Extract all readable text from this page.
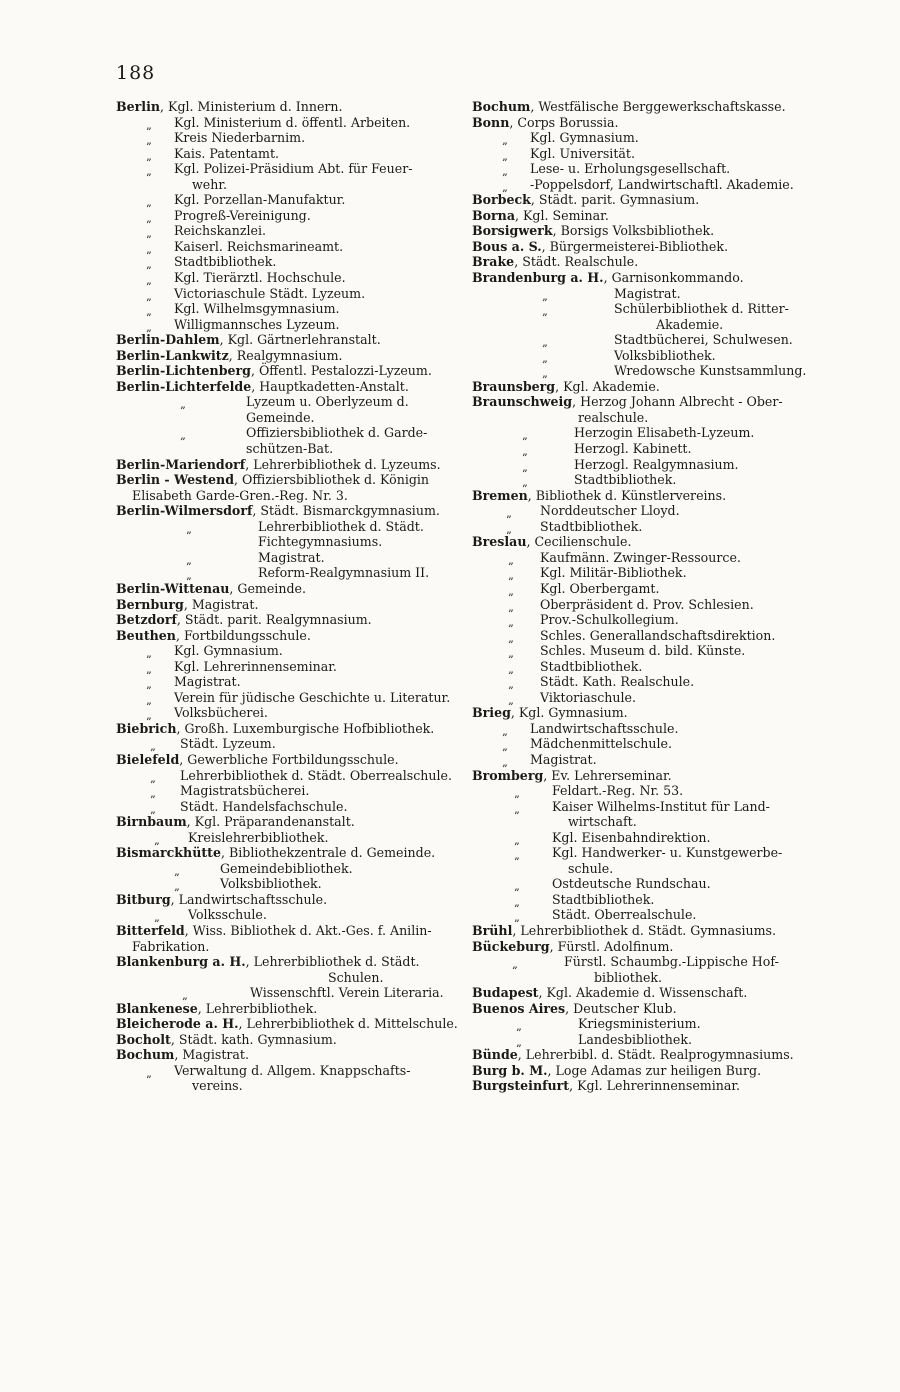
188
Berlin, Kgl. Ministerium d. Innern.
„	Kgl. Ministerium d. öffentl. Arbeiten.
„	Kreis Niederbarnim.
„	Kais. Patentamt.
„	Kgl. Polizei-Präsidium Abt. für Feuer-
wehr.
„	Kgl. Porzellan-Manufaktur.
„	Progreß-Vereinigung.
„	Reichskanzlei.
„	Kaiserl. Reichsmarineamt.
„	Stadtbibliothek.
„	Kgl. Tierärztl. Hochschule.
„	Victoriaschule Städt. Lyzeum.
„	Kgl. Wilhelmsgymnasium.
„	Willigmannsches Lyzeum.
Berlin-Dahlem, Kgl. Gärtnerlehranstalt.
Berlin-Lankwitz, Realgymnasium.
Berlin-Lichtenberg, Öffentl. Pestalozzi-Lyzeum.
Berlin-Lichterfelde, Hauptkadetten-Anstalt.
„	Lyzeum u. Oberlyzeum d.
Gemeinde.
„	Offiziersbibliothek d. Garde-
schützen-Bat.
Berlin-Mariendorf, Lehrerbibliothek d. Lyzeums.
Berlin - Westend, Offiziersbibliothek d. Königin
Elisabeth Garde-Gren.-Reg. Nr. 3.
Berlin-Wilmersdorf, Städt. Bismarckgymnasium.
„	Lehrerbibliothek d. Städt.
Fichtegymnasiums.
„	Magistrat.
„	Reform-Realgymnasium II.
Berlin-Wittenau, Gemeinde.
Bernburg, Magistrat.
Betzdorf, Städt. parit. Realgymnasium.
Beuthen, Fortbildungsschule.
„	Kgl. Gymnasium.
„	Kgl. Lehrerinnenseminar.
„	Magistrat.
„	Verein für jüdische Geschichte u. Literatur.
„	Volksbücherei.
Biebrich, Großh. Luxemburgische Hofbibliothek.
„	Städt. Lyzeum.
Bielefeld, Gewerbliche Fortbildungsschule.
„	Lehrerbibliothek d. Städt. Oberrealschule.
„	Magistratsbücherei.
„	Städt. Handelsfachschule.
Birnbaum, Kgl. Präparandenanstalt.
„	Kreislehrerbibliothek.
Bismarckhütte, Bibliothekzentrale d. Gemeinde.
„	Gemeindebibliothek.
„	Volksbibliothek.
Bitburg, Landwirtschaftsschule.
„	Volksschule.
Bitterfeld, Wiss. Bibliothek d. Akt.-Ges. f. Anilin-
Fabrikation.
Blankenburg a. H., Lehrerbibliothek d. Städt.
Schulen.
„	Wissenschftl. Verein Literaria.
Blankenese, Lehrerbibliothek.
Bleicherode a. H., Lehrerbibliothek d. Mittelschule.
Bocholt, Städt. kath. Gymnasium.
Bochum, Magistrat.
„	Verwaltung d. Allgem. Knappschafts-
vereins.
Bochum, Westfälische Berggewerkschaftskasse.
Bonn, Corps Borussia.
„	Kgl. Gymnasium.
„	Kgl. Universität.
„	Lese- u. Erholungsgesellschaft.
„	-Poppelsdorf, Landwirtschaftl. Akademie.
Borbeck, Städt. parit. Gymnasium.
Borna, Kgl. Seminar.
Borsigwerk, Borsigs Volksbibliothek.
Bous a. S., Bürgermeisterei-Bibliothek.
Brake, Städt. Realschule.
Brandenburg a. H., Garnisonkommando.
„	Magistrat.
„	Schülerbibliothek d. Ritter-
Akademie.
„	Stadtbücherei, Schulwesen.
„	Volksbibliothek.
„	Wredowsche Kunstsammlung.
Braunsberg, Kgl. Akademie.
Braunschweig, Herzog Johann Albrecht - Ober-
realschule.
„	Herzogin Elisabeth-Lyzeum.
„	Herzogl. Kabinett.
„	Herzogl. Realgymnasium.
„	Stadtbibliothek.
Bremen, Bibliothek d. Künstlervereins.
„	Norddeutscher Lloyd.
„	Stadtbibliothek.
Breslau, Cecilienschule.
„	Kaufmänn. Zwinger-Ressource.
„	Kgl. Militär-Bibliothek.
„	Kgl. Oberbergamt.
„	Oberpräsident d. Prov. Schlesien.
„	Prov.-Schulkollegium.
„	Schles. Generallandschaftsdirektion.
„	Schles. Museum d. bild. Künste.
„	Stadtbibliothek.
„	Städt. Kath. Realschule.
„	Viktoriaschule.
Brieg, Kgl. Gymnasium.
„	Landwirtschaftsschule.
„	Mädchenmittelschule.
„	Magistrat.
Bromberg, Ev. Lehrerseminar.
„	Feldart.-Reg. Nr. 53.
„	Kaiser Wilhelms-Institut für Land-
wirtschaft.
„	Kgl. Eisenbahndirektion.
„	Kgl. Handwerker- u. Kunstgewerbe-
schule.
„	Ostdeutsche Rundschau.
„	Stadtbibliothek.
„	Städt. Oberrealschule.
Brühl, Lehrerbibliothek d. Städt. Gymnasiums.
Bückeburg, Fürstl. Adolfinum.
„	Fürstl. Schaumbg.-Lippische Hof-
bibliothek.
Budapest, Kgl. Akademie d. Wissenschaft.
Buenos Aires, Deutscher Klub.
„	Kriegsministerium.
„	Landesbibliothek.
Bünde, Lehrerbibl. d. Städt. Realprogymnasiums.
Burg b. M., Loge Adamas zur heiligen Burg.
Burgsteinfurt, Kgl. Lehrerinnenseminar.
